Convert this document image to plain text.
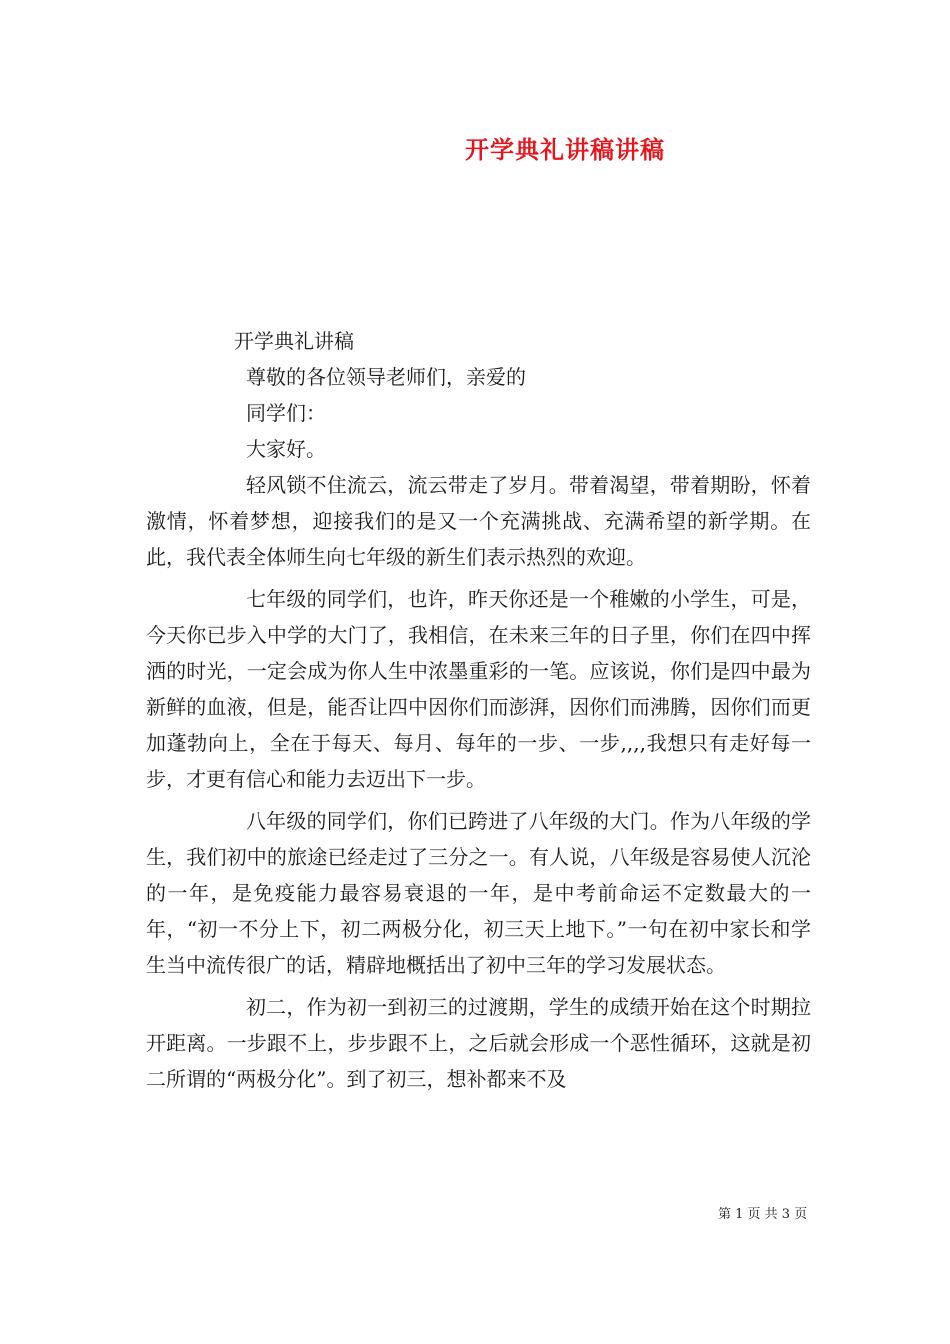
开学典礼讲稿讲稿

开学典礼讲稿

尊敬的各位领导老师们，亲爱的

同学们：

大家好。

轻风锁不住流云，流云带走了岁月。带着渴望，带着期盼，怀着激情，怀着梦想，迎接我们的是又一个充满挑战、充满希望的新学期。在此，我代表全体师生向七年级的新生们表示热烈的欢迎。

七年级的同学们，也许，昨天你还是一个稚嫩的小学生，可是，今天你已步入中学的大门了，我相信，在未来三年的日子里，你们在四中挥洒的时光，一定会成为你人生中浓墨重彩的一笔。应该说，你们是四中最为新鲜的血液，但是，能否让四中因你们而澎湃，因你们而沸腾，因你们而更加蓬勃向上，全在于每天、每月、每年的一步、一步,,,,我想只有走好每一步，才更有信心和能力去迈出下一步。

八年级的同学们，你们已跨进了八年级的大门。作为八年级的学生，我们初中的旅途已经走过了三分之一。有人说，八年级是容易使人沉沦的一年，是免疫能力最容易衰退的一年，是中考前命运不定数最大的一年，“初一不分上下，初二两极分化，初三天上地下。”一句在初中家长和学生当中流传很广的话，精辟地概括出了初中三年的学习发展状态。

初二，作为初一到初三的过渡期，学生的成绩开始在这个时期拉开距离。一步跟不上，步步跟不上，之后就会形成一个恶性循环，这就是初二所谓的“两极分化”。到了初三，想补都来不及

第 1 页 共 3 页
